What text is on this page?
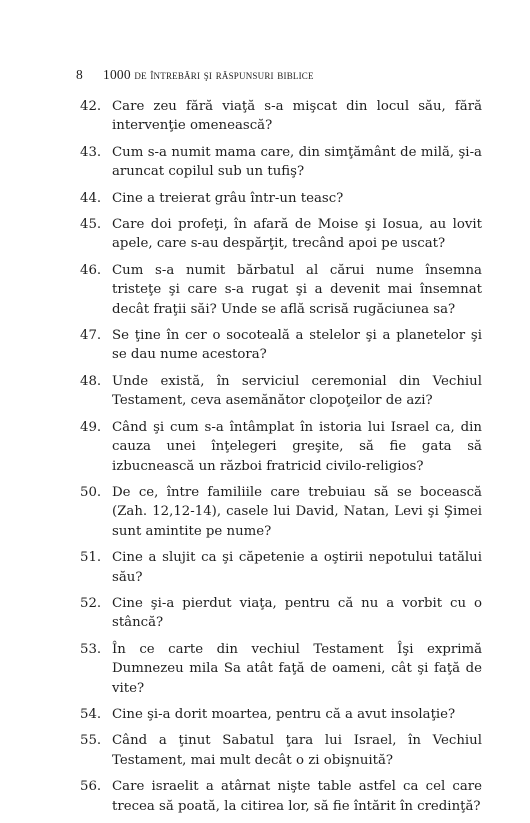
8 1000 de întrebări şi răspunsuri biblice
42. Care zeu fără viaţă s-a mişcat din locul său, fără intervenţie omenească?
43. Cum s-a numit mama care, din simţământ de milă, şi-a aruncat copilul sub un tufiş?
44. Cine a treierat grâu într-un teasc?
45. Care doi profeţi, în afară de Moise şi Iosua, au lovit apele, care s-au despărţit, trecând apoi pe uscat?
46. Cum s-a numit bărbatul al cărui nume însemna tristeţe şi care s-a rugat şi a devenit mai însemnat decât fraţii săi? Unde se află scrisă rugăciunea sa?
47. Se ţine în cer o socoteală a stelelor şi a planetelor şi se dau nume acestora?
48. Unde există, în serviciul ceremonial din Vechiul Testament, ceva asemănător clopoţeilor de azi?
49. Când şi cum s-a întâmplat în istoria lui Israel ca, din cauza unei înţelegeri greşite, să fie gata să izbucnească un război fratricid civilo-religios?
50. De ce, între familiile care trebuiau să se bocească (Zah. 12,12-14), casele lui David, Natan, Levi şi Şimei sunt amintite pe nume?
51. Cine a slujit ca şi căpetenie a oştirii nepotului tatălui său?
52. Cine şi-a pierdut viaţa, pentru că nu a vorbit cu o stâncă?
53. În ce carte din vechiul Testament Îşi exprimă Dumnezeu mila Sa atât faţă de oameni, cât şi faţă de vite?
54. Cine şi-a dorit moartea, pentru că a avut insolaţie?
55. Când a ţinut Sabatul ţara lui Israel, în Vechiul Testament, mai mult decât o zi obişnuită?
56. Care israelit a atârnat nişte table astfel ca cel care trecea să poată, la citirea lor, să fie întărit în credinţă?
